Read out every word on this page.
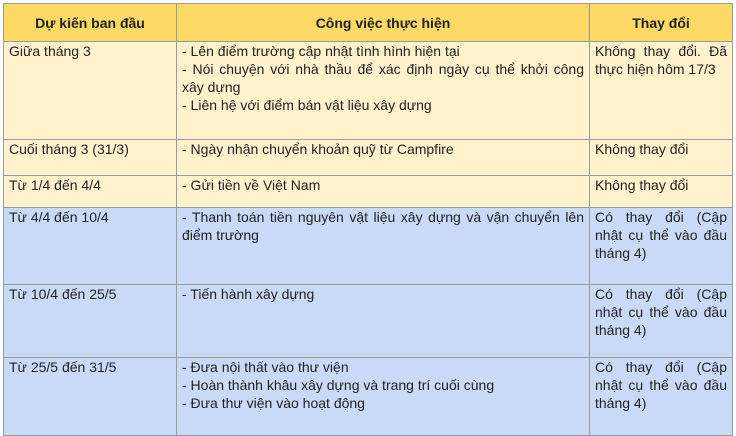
Dự kiến ban đầu	Công việc thực hiện	Thay đổi
Giữa tháng 3	- Lên điểm trường cập nhật tình hình hiện tại
- Nói chuyện với nhà thầu để xác định ngày cụ thể khởi công xây dựng
- Liên hệ với điểm bán vật liệu xây dựng	Không thay đổi. Đã thực hiện hôm 17/3
Cuối tháng 3 (31/3)	- Ngày nhận chuyển khoản quỹ từ Campfire	Không thay đổi
Từ 1/4 đến 4/4	- Gửi tiền về Việt Nam	Không thay đổi
Từ 4/4 đến 10/4	- Thanh toán tiền nguyên vật liệu xây dựng và vận chuyển lên điểm trường	Có thay đổi (Cập nhật cụ thể vào đầu tháng 4)
Từ 10/4 đến 25/5	- Tiến hành xây dựng	Có thay đổi (Cập nhật cụ thể vào đầu tháng 4)
Từ 25/5 đến 31/5	- Đưa nội thất vào thư viện
- Hoàn thành khâu xây dựng và trang trí cuối cùng
- Đưa thư viện vào hoạt động	Có thay đổi (Cập nhật cụ thể vào đầu tháng 4)
